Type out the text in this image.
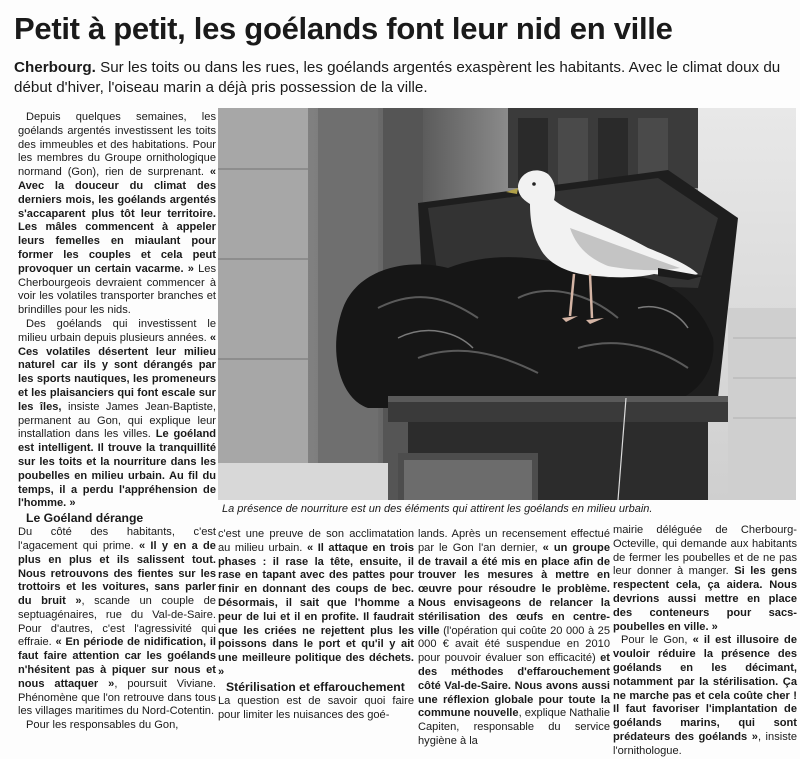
Petit à petit, les goélands font leur nid en ville
Cherbourg. Sur les toits ou dans les rues, les goélands argentés exaspèrent les habitants. Avec le climat doux du début d'hiver, l'oiseau marin a déjà pris possession de la ville.

Depuis quelques semaines, les goélands argentés investissent les toits des immeubles et des habitations. Pour les membres du Groupe ornithologique normand (Gon), rien de surprenant. « Avec la douceur du climat des derniers mois, les goélands argentés s'accaparent plus tôt leur territoire. Les mâles commencent à appeler leurs femelles en miaulant pour former les couples et cela peut provoquer un certain vacarme. » Les Cherbourgeois devraient commencer à voir les volatiles transporter branches et brindilles pour les nids.

Des goélands qui investissent le milieu urbain depuis plusieurs années. « Ces volatiles désertent leur milieu naturel car ils y sont dérangés par les sports nautiques, les promeneurs et les plaisanciers qui font escale sur les îles, insiste James Jean-Baptiste, permanent au Gon, qui explique leur installation dans les villes. Le goéland est intelligent. Il trouve la tranquillité sur les toits et la nourriture dans les poubelles en milieu urbain. Au fil du temps, il a perdu l'appréhension de l'homme. »

Le Goéland dérange

Du côté des habitants, c'est l'agacement qui prime. « Il y en a de plus en plus et ils salissent tout. Nous retrouvons des fientes sur les trottoirs et les voitures, sans parler du bruit », scande un couple de septuagénaires, rue du Val-de-Saire. Pour d'autres, c'est l'agressivité qui effraie. « En période de nidification, il faut faire attention car les goélands n'hésitent pas à piquer sur nous et nous attaquer », poursuit Viviane. Phénomène que l'on retrouve dans tous les villages maritimes du Nord-Cotentin.

Pour les responsables du Gon,

La présence de nourriture est un des éléments qui attirent les goélands en milieu urbain.

c'est une preuve de son acclimatation au milieu urbain. « Il attaque en trois phases : il rase la tête, ensuite, il rase en tapant avec des pattes pour finir en donnant des coups de bec. Désormais, il sait que l'homme a peur de lui et il en profite. Il faudrait que les criées ne rejettent plus les poissons dans le port et qu'il y ait une meilleure politique des déchets. »

Stérilisation et effarouchement

La question est de savoir quoi faire pour limiter les nuisances des goé-

lands. Après un recensement effectué par le Gon l'an dernier, « un groupe de travail a été mis en place afin de trouver les mesures à mettre en œuvre pour résoudre le problème. Nous envisageons de relancer la stérilisation des œufs en centre-ville (l'opération qui coûte 20 000 à 25 000 € avait été suspendue en 2010 pour pouvoir évaluer son efficacité) et des méthodes d'effarouchement côté Val-de-Saire. Nous avons aussi une réflexion globale pour toute la commune nouvelle, explique Nathalie Capiten, responsable du service hygiène à la

mairie déléguée de Cherbourg-Octeville, qui demande aux habitants de fermer les poubelles et de ne pas leur donner à manger. Si les gens respectent cela, ça aidera. Nous devrions aussi mettre en place des conteneurs pour sacs-poubelles en ville. »

Pour le Gon, « il est illusoire de vouloir réduire la présence des goélands en les décimant, notamment par la stérilisation. Ça ne marche pas et cela coûte cher ! Il faut favoriser l'implantation de goélands marins, qui sont prédateurs des goélands », insiste l'ornithologue.
